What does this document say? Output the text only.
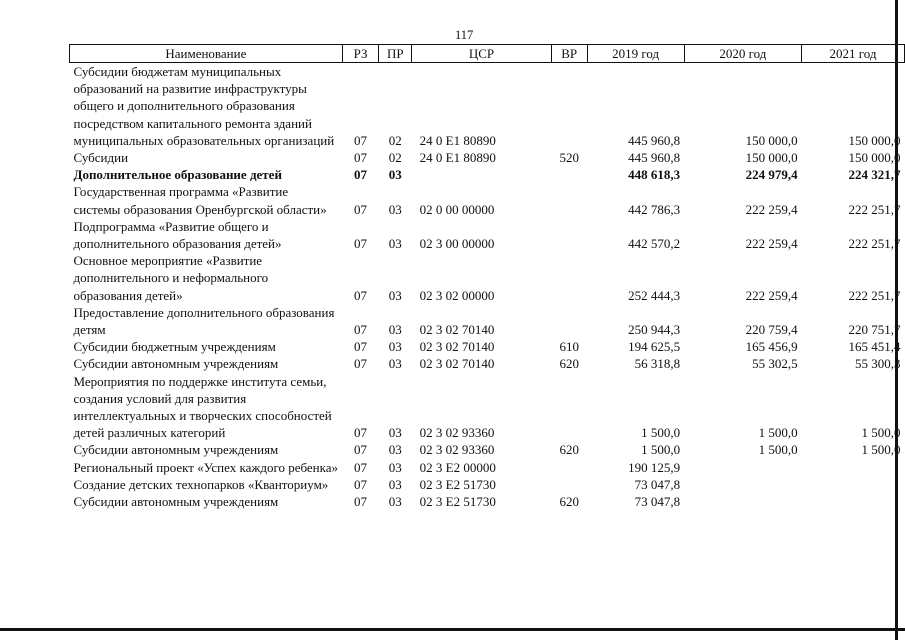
117
Наименование	РЗ	ПР	ЦСР	ВР	2019 год	2020 год	2021 год
Субсидии бюджетам муниципальных образований на развитие инфраструктуры общего и дополнительного образования посредством капитального ремонта зданий муниципальных образовательных организаций	07	02	24 0 E1 80890		445 960,8	150 000,0	150 000,0
Субсидии	07	02	24 0 E1 80890	520	445 960,8	150 000,0	150 000,0
Дополнительное образование детей	07	03			448 618,3	224 979,4	224 321,7
Государственная программа «Развитие системы образования Оренбургской области»	07	03	02 0 00 00000		442 786,3	222 259,4	222 251,7
Подпрограмма «Развитие общего и дополнительного образования детей»	07	03	02 3 00 00000		442 570,2	222 259,4	222 251,7
Основное мероприятие «Развитие дополнительного и неформального образования детей»	07	03	02 3 02 00000		252 444,3	222 259,4	222 251,7
Предоставление дополнительного образования детям	07	03	02 3 02 70140		250 944,3	220 759,4	220 751,7
Субсидии бюджетным учреждениям	07	03	02 3 02 70140	610	194 625,5	165 456,9	165 451,4
Субсидии автономным учреждениям	07	03	02 3 02 70140	620	56 318,8	55 302,5	55 300,3
Мероприятия по поддержке института семьи, создания условий для развития интеллектуальных и творческих способностей детей различных категорий	07	03	02 3 02 93360		1 500,0	1 500,0	1 500,0
Субсидии автономным учреждениям	07	03	02 3 02 93360	620	1 500,0	1 500,0	1 500,0
Региональный проект «Успех каждого ребенка»	07	03	02 3 E2 00000		190 125,9		
Создание детских технопарков «Кванториум»	07	03	02 3 E2 51730		73 047,8		
Субсидии автономным учреждениям	07	03	02 3 E2 51730	620	73 047,8		
